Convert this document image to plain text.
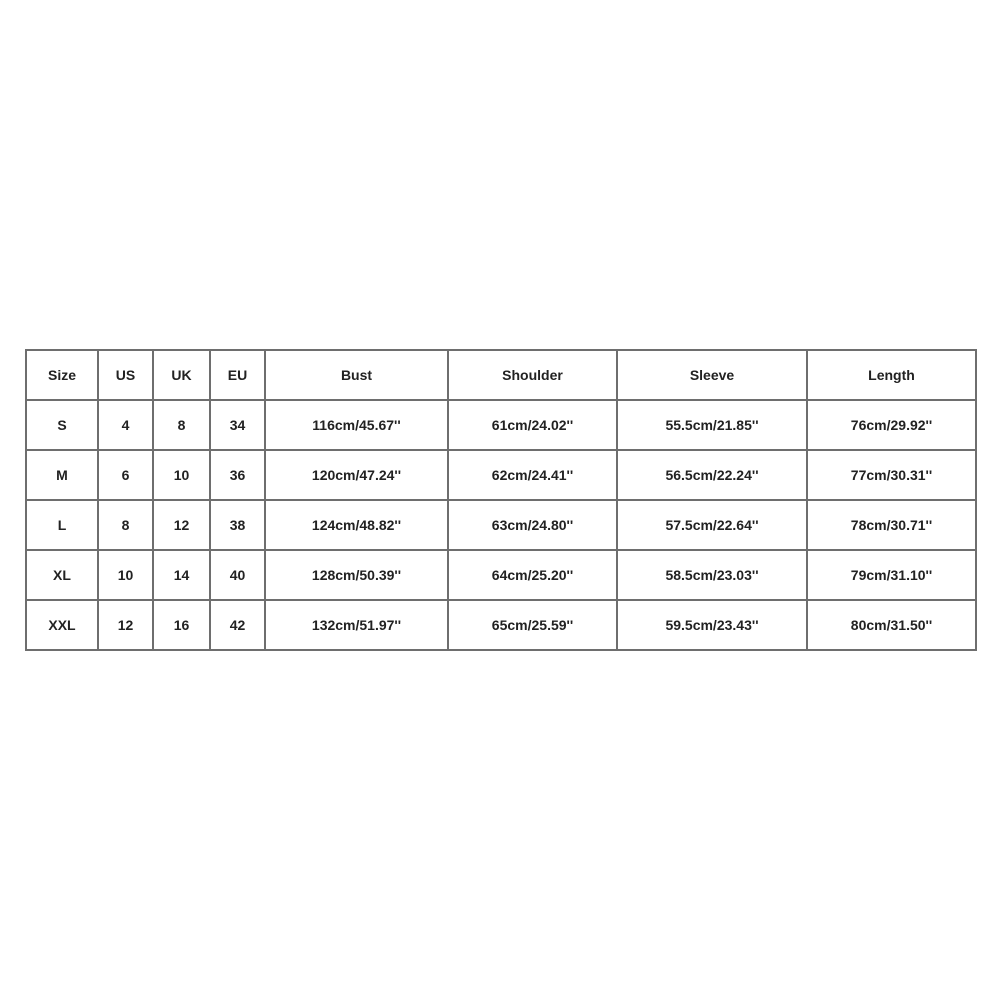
Size	US	UK	EU	Bust	Shoulder	Sleeve	Length
S	4	8	34	116cm/45.67''	61cm/24.02''	55.5cm/21.85''	76cm/29.92''
M	6	10	36	120cm/47.24''	62cm/24.41''	56.5cm/22.24''	77cm/30.31''
L	8	12	38	124cm/48.82''	63cm/24.80''	57.5cm/22.64''	78cm/30.71''
XL	10	14	40	128cm/50.39''	64cm/25.20''	58.5cm/23.03''	79cm/31.10''
XXL	12	16	42	132cm/51.97''	65cm/25.59''	59.5cm/23.43''	80cm/31.50''
